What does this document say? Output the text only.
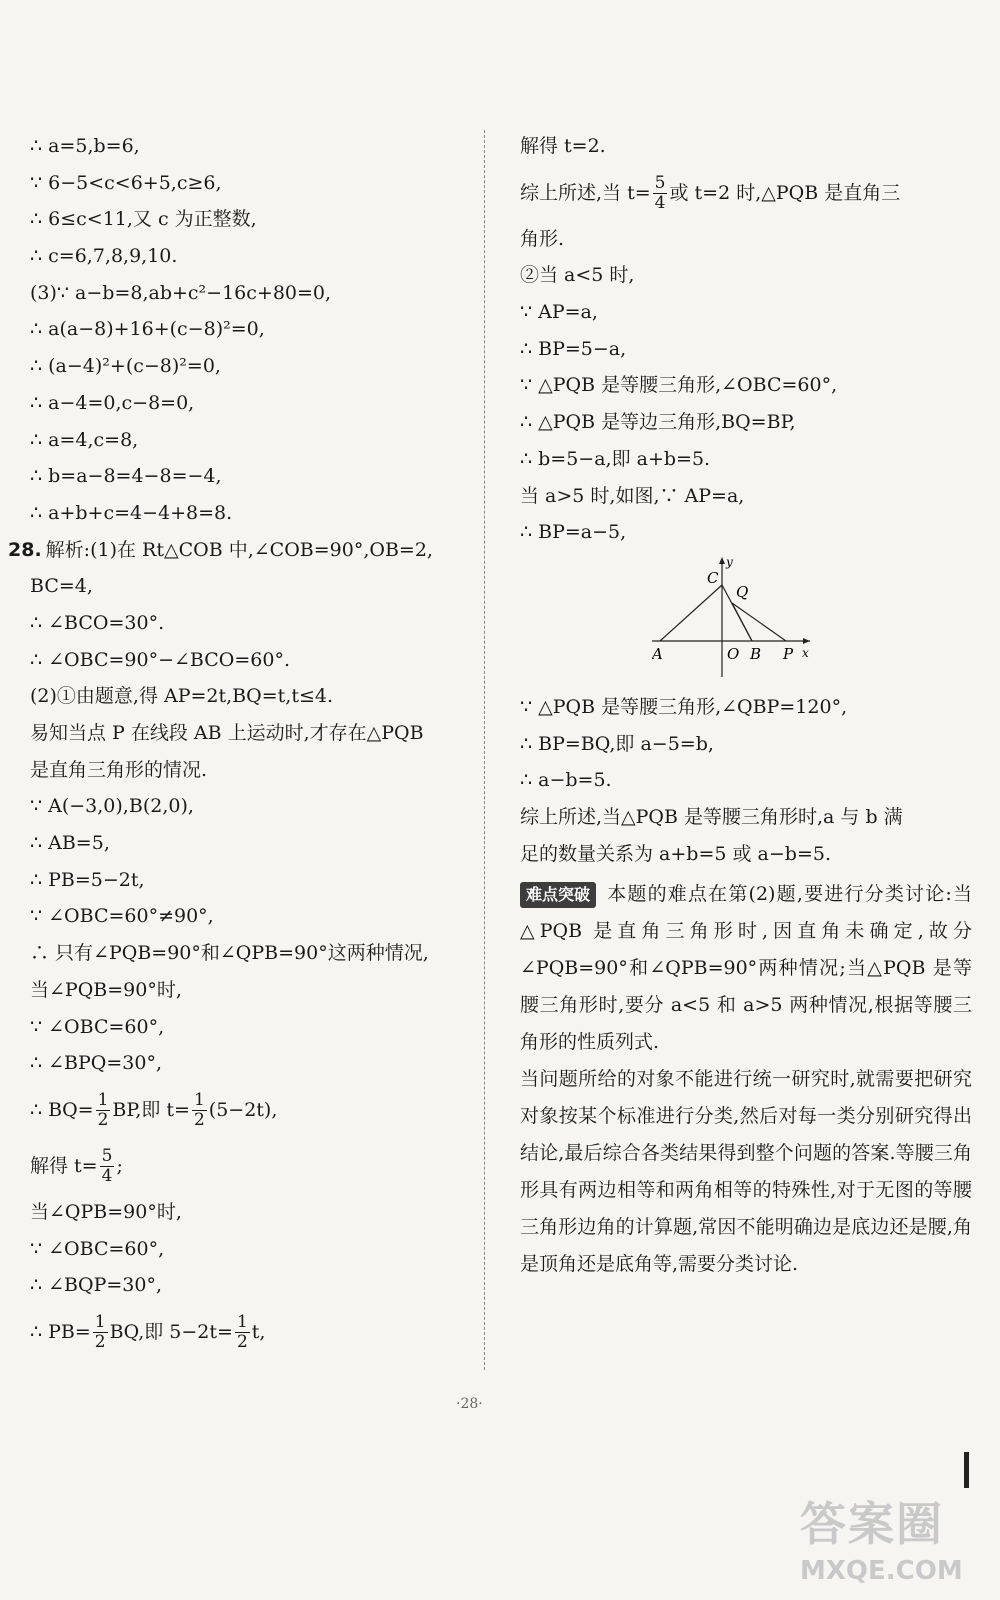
∴ a=5,b=6,
∵ 6−5<c<6+5,c≥6,
∴ 6≤c<11,又 c 为正整数,
∴ c=6,7,8,9,10.
(3)∵ a−b=8,ab+c²−16c+80=0,
∴ a(a−8)+16+(c−8)²=0,
∴ (a−4)²+(c−8)²=0,
∴ a−4=0,c−8=0,
∴ a=4,c=8,
∴ b=a−8=4−8=−4,
∴ a+b+c=4−4+8=8.
28. 解析:(1)在 Rt△COB 中,∠COB=90°,OB=2,
BC=4,
∴ ∠BCO=30°.
∴ ∠OBC=90°−∠BCO=60°.
(2)①由题意,得 AP=2t,BQ=t,t≤4.
易知当点 P 在线段 AB 上运动时,才存在△PQB
是直角三角形的情况.
∵ A(−3,0),B(2,0),
∴ AB=5,
∴ PB=5−2t,
∵ ∠OBC=60°≠90°,
∴ 只有∠PQB=90°和∠QPB=90°这两种情况,
当∠PQB=90°时,
∵ ∠OBC=60°,
∴ ∠BPQ=30°,
∴ $BQ= \frac{1}{2}$ BP,即 $t= \frac{1}{2} (5-2t)$,
解得 $t= \frac{5}{4}$ ;
当∠QPB=90°时,
∵ ∠OBC=60°,
∴ ∠BQP=30°,
∴ $PB= \frac{1}{2}$ BQ,即 $5-2t= \frac{1}{2} t$,
解得 t=2.
综上所述,当 $t= \frac{5}{4}$ 或 t=2 时,△PQB 是直角三
角形.
②当 a<5 时,
∵ AP=a,
∴ BP=5−a,
∵ △PQB 是等腰三角形,∠OBC=60°,
∴ △PQB 是等边三角形,BQ=BP,
∴ b=5−a,即 a+b=5.
当 a>5 时,如图,∵ AP=a,
∴ BP=a−5,
C
y
Q
A	O B P x
∵ △PQB 是等腰三角形,∠QBP=120°,
∴ BP=BQ,即 a−5=b,
∴ a−b=5.
综上所述,当△PQB 是等腰三角形时,a 与 b 满
足的数量关系为 a+b=5 或 a−b=5.
难点突破 本题的难点在第(2)题,要进行分类讨论:当△PQB 是直角三角形时,因直角未确定,故分∠PQB=90°和∠QPB=90°两种情况;当△PQB 是等腰三角形时,要分 a<5 和 a>5 两种情况,根据等腰三角形的性质列式.
当问题所给的对象不能进行统一研究时,就需要把研究对象按某个标准进行分类,然后对每一类分别研究得出结论,最后综合各类结果得到整个问题的答案.等腰三角形具有两边相等和两角相等的特殊性,对于无图的等腰三角形边角的计算题,常因不能明确边是底边还是腰,角是顶角还是底角等,需要分类讨论.
·28·
答案圈
MXQE.COM
